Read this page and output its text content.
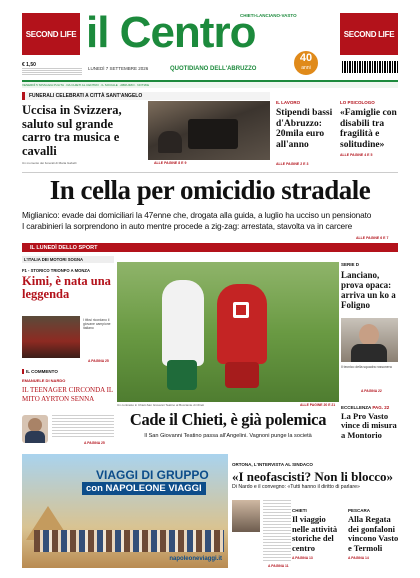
SECOND LIFE	SECOND LIFE
CHIETI-LANCIANO-VASTO
il Centro
40
anni
QUOTIDIANO DELL'ABRUZZO
LUNEDÌ 7 SETTEMBRE 2026
€ 1,50
VENERDÌ 5 SPIAGGIA PULITA · DA CHIETI AL CENTRO · IL SOCIALE · ABRUZZO · NOTIZIE
FUNERALI CELEBRATI A CITTÀ SANT'ANGELO
Uccisa in Svizzera, saluto sul grande carro tra musica e cavalli
Un momento dei funerali di Maria Gabelli	ALLE PAGINE 8 E 9
IL LAVORO
Stipendi bassi d'Abruzzo: 20mila euro all'anno
ALLE PAGINE 2 E 3
LO PSICOLOGO
«Famiglie con disabili tra fragilità e solitudine»
ALLE PAGINE 4 E 5
In cella per omicidio stradale
Miglianico: evade dai domiciliari la 47enne che, drogata alla guida, a luglio ha ucciso un pensionato
I carabinieri la sorprendono in auto mentre procede a zig-zag: arrestata, stavolta va in carcere
ALLE PAGINE 6 E 7
IL LUNEDÌ DELLO SPORT
L'ITALIA DEI MOTORI SOGNA
F1 - STORICO TRIONFO A MONZA
Kimi, è nata una leggenda
I tifosi ricordano il giovane campione italiano
A PAGINA 25
Un contrasto in Chieti-San Giovanni Teatino al Bucciante di Chieti	ALLE PAGINE 20 E 21
Cade il Chieti, è già polemica
Il San Giovanni Teatino passa all'Angelini. Vagnoni punge la società
SERIE D
Lanciano, prova opaca: arriva un ko a Foligno
Il tecnico della squadra rossonera
A PAGINA 22
ECCELLENZA PAG. 22
La Pro Vasto vince di misura a Montorio
IL COMMENTO
EMANUELE DI NARDO
IL TEENAGER CIRCONDA IL MITO AYRTON SENNA
A PAGINA 25
VIAGGI DI GRUPPO
con NAPOLEONE VIAGGI
napoleoneviaggi.it
ORTONA, L'INTERVISTA AL SINDACO
«I neofascisti? Non li blocco»
Di Nardo e il convegno: «Tutti hanno il diritto di parlare»
A PAGINA 11
CHIETI
Il viaggio nelle attività storiche del centro
A PAGINA 13
PESCARA
Alla Regata dei gonfaloni vincono Vasto e Termoli
A PAGINA 14
